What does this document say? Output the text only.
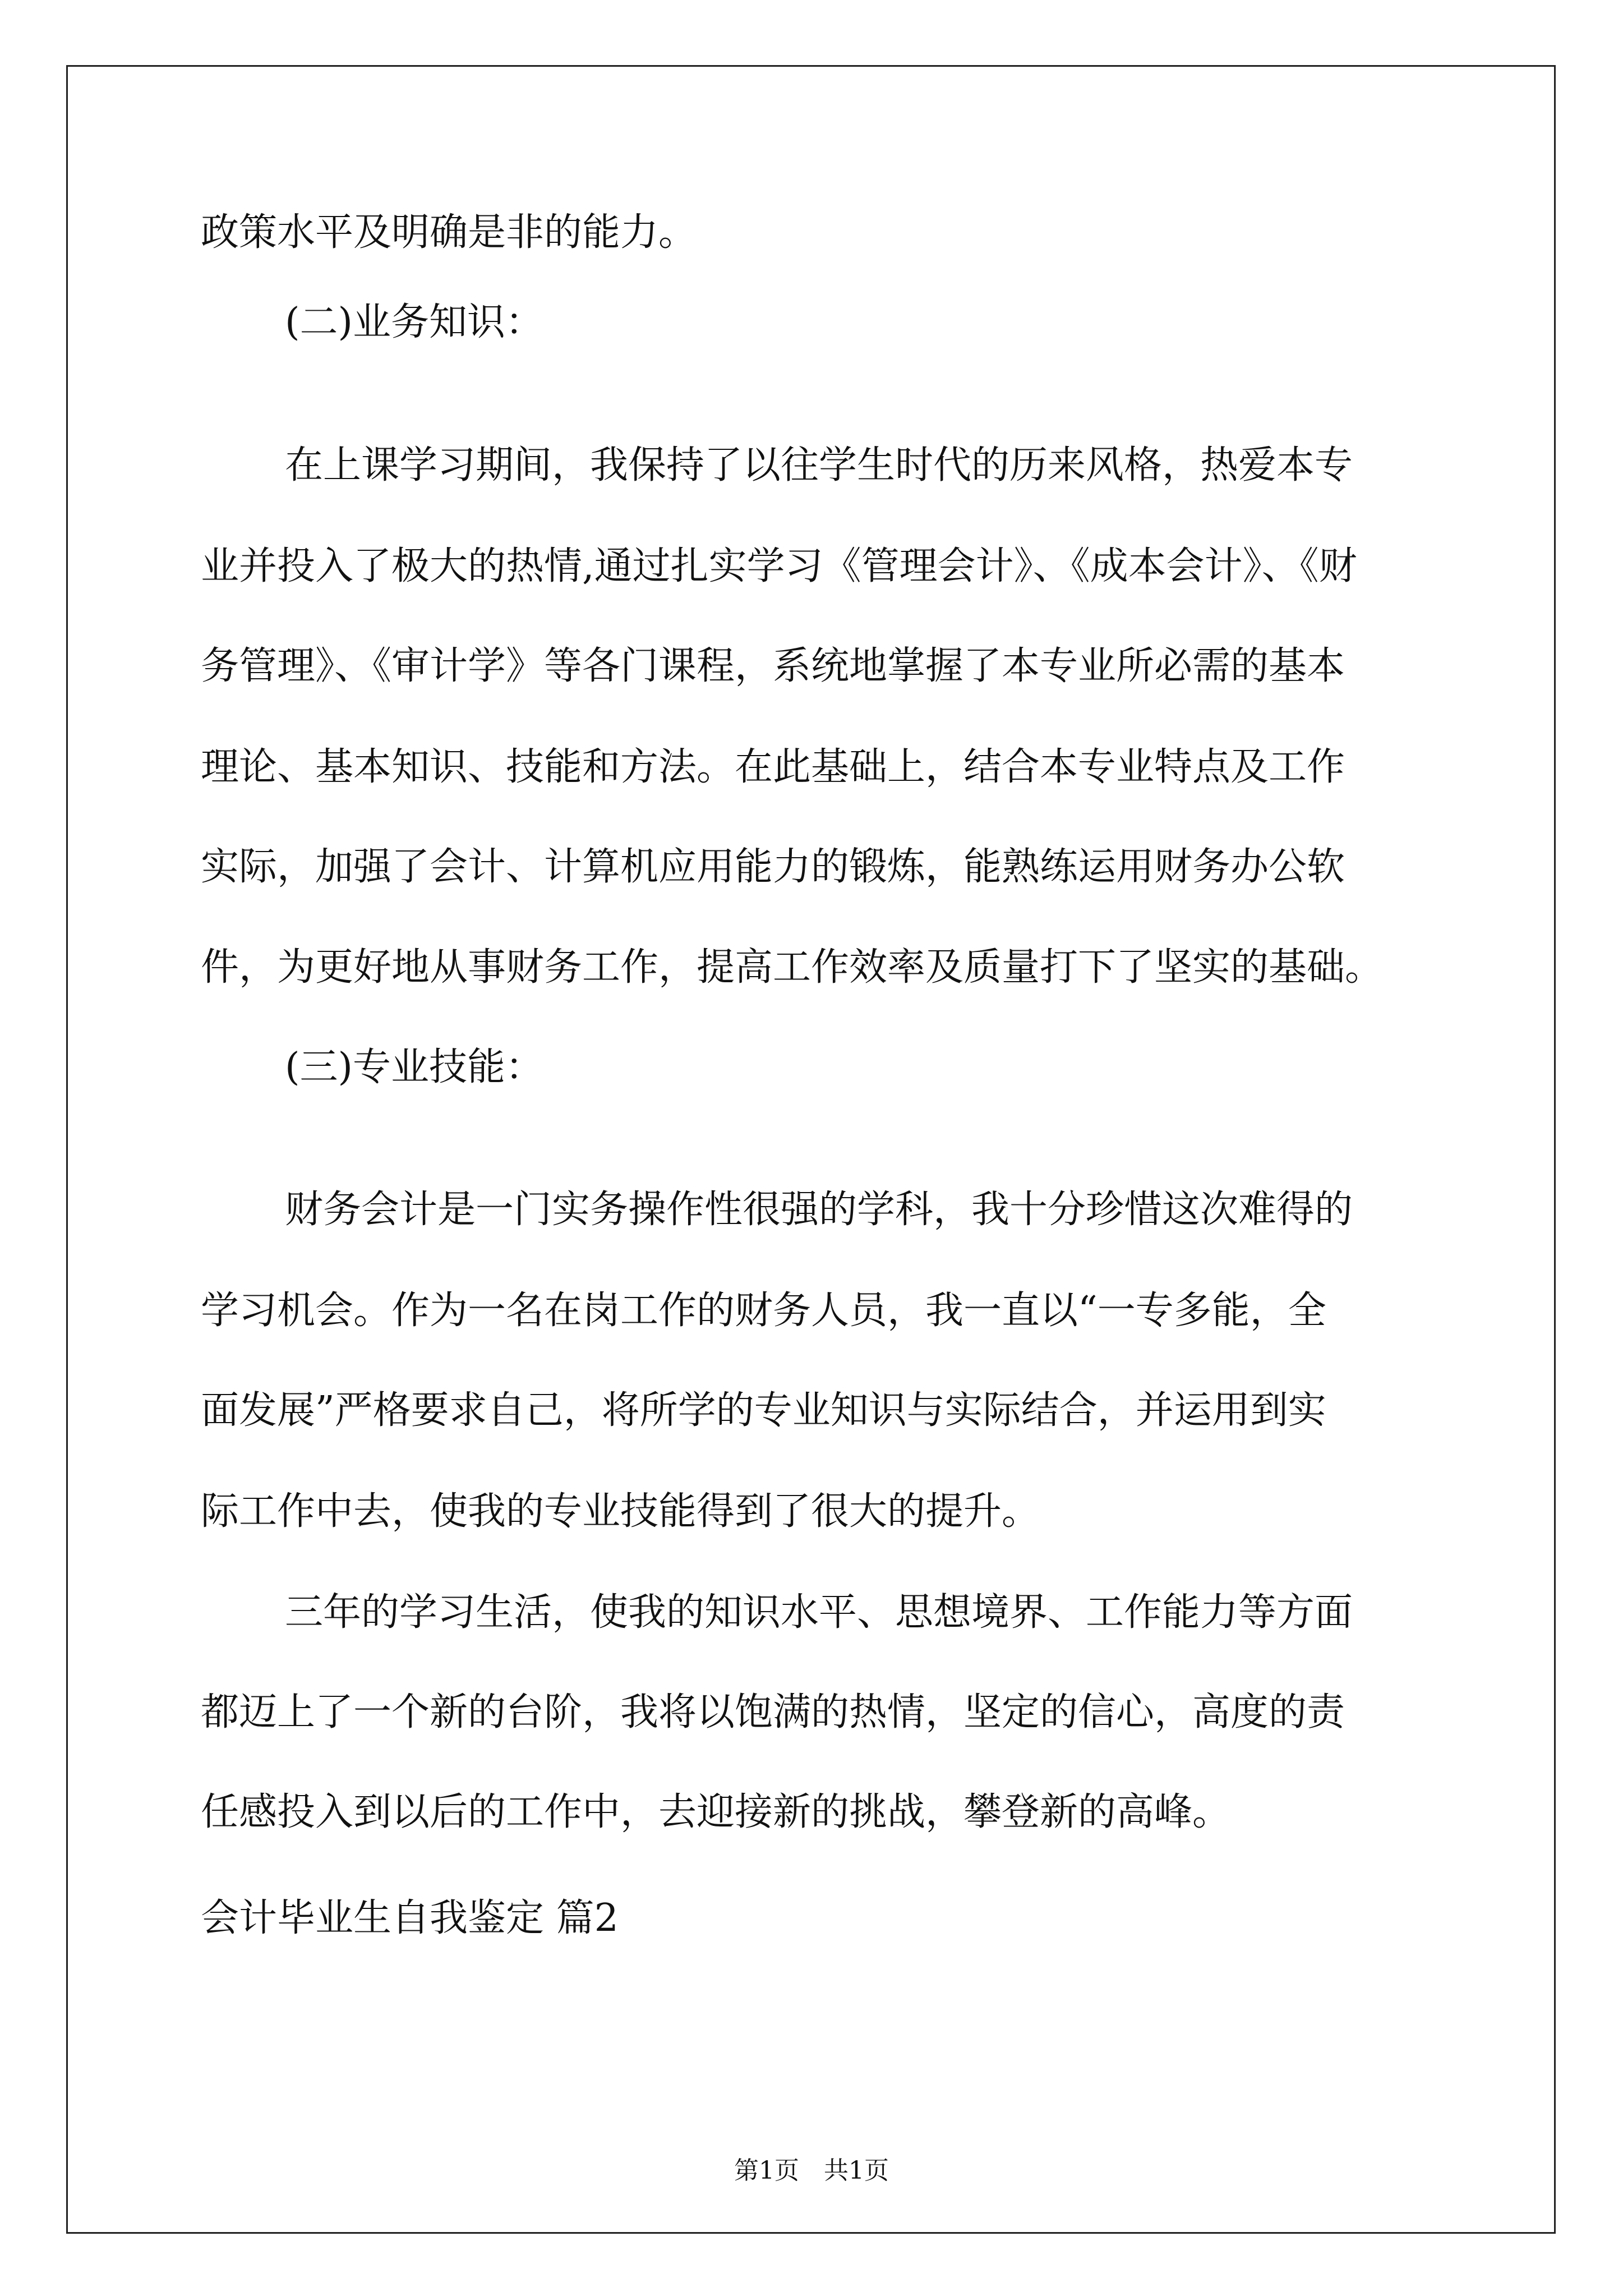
政策水平及明确是非的能力。
(二)业务知识：
在上课学习期间，我保持了以往学生时代的历来风格，热爱本专
业并投入了极大的热情,通过扎实学习《管理会计》、《成本会计》、《财
务管理》、《审计学》等各门课程，系统地掌握了本专业所必需的基本
理论、基本知识、技能和方法。在此基础上，结合本专业特点及工作
实际，加强了会计、计算机应用能力的锻炼，能熟练运用财务办公软
件，为更好地从事财务工作，提高工作效率及质量打下了坚实的基础。
(三)专业技能：
财务会计是一门实务操作性很强的学科，我十分珍惜这次难得的
学习机会。作为一名在岗工作的财务人员，我一直以“一专多能，全
面发展”严格要求自己，将所学的专业知识与实际结合，并运用到实
际工作中去，使我的专业技能得到了很大的提升。
三年的学习生活，使我的知识水平、思想境界、工作能力等方面
都迈上了一个新的台阶，我将以饱满的热情，坚定的信心，高度的责
任感投入到以后的工作中，去迎接新的挑战，攀登新的高峰。
会计毕业生自我鉴定 篇2
第1页　共1页
